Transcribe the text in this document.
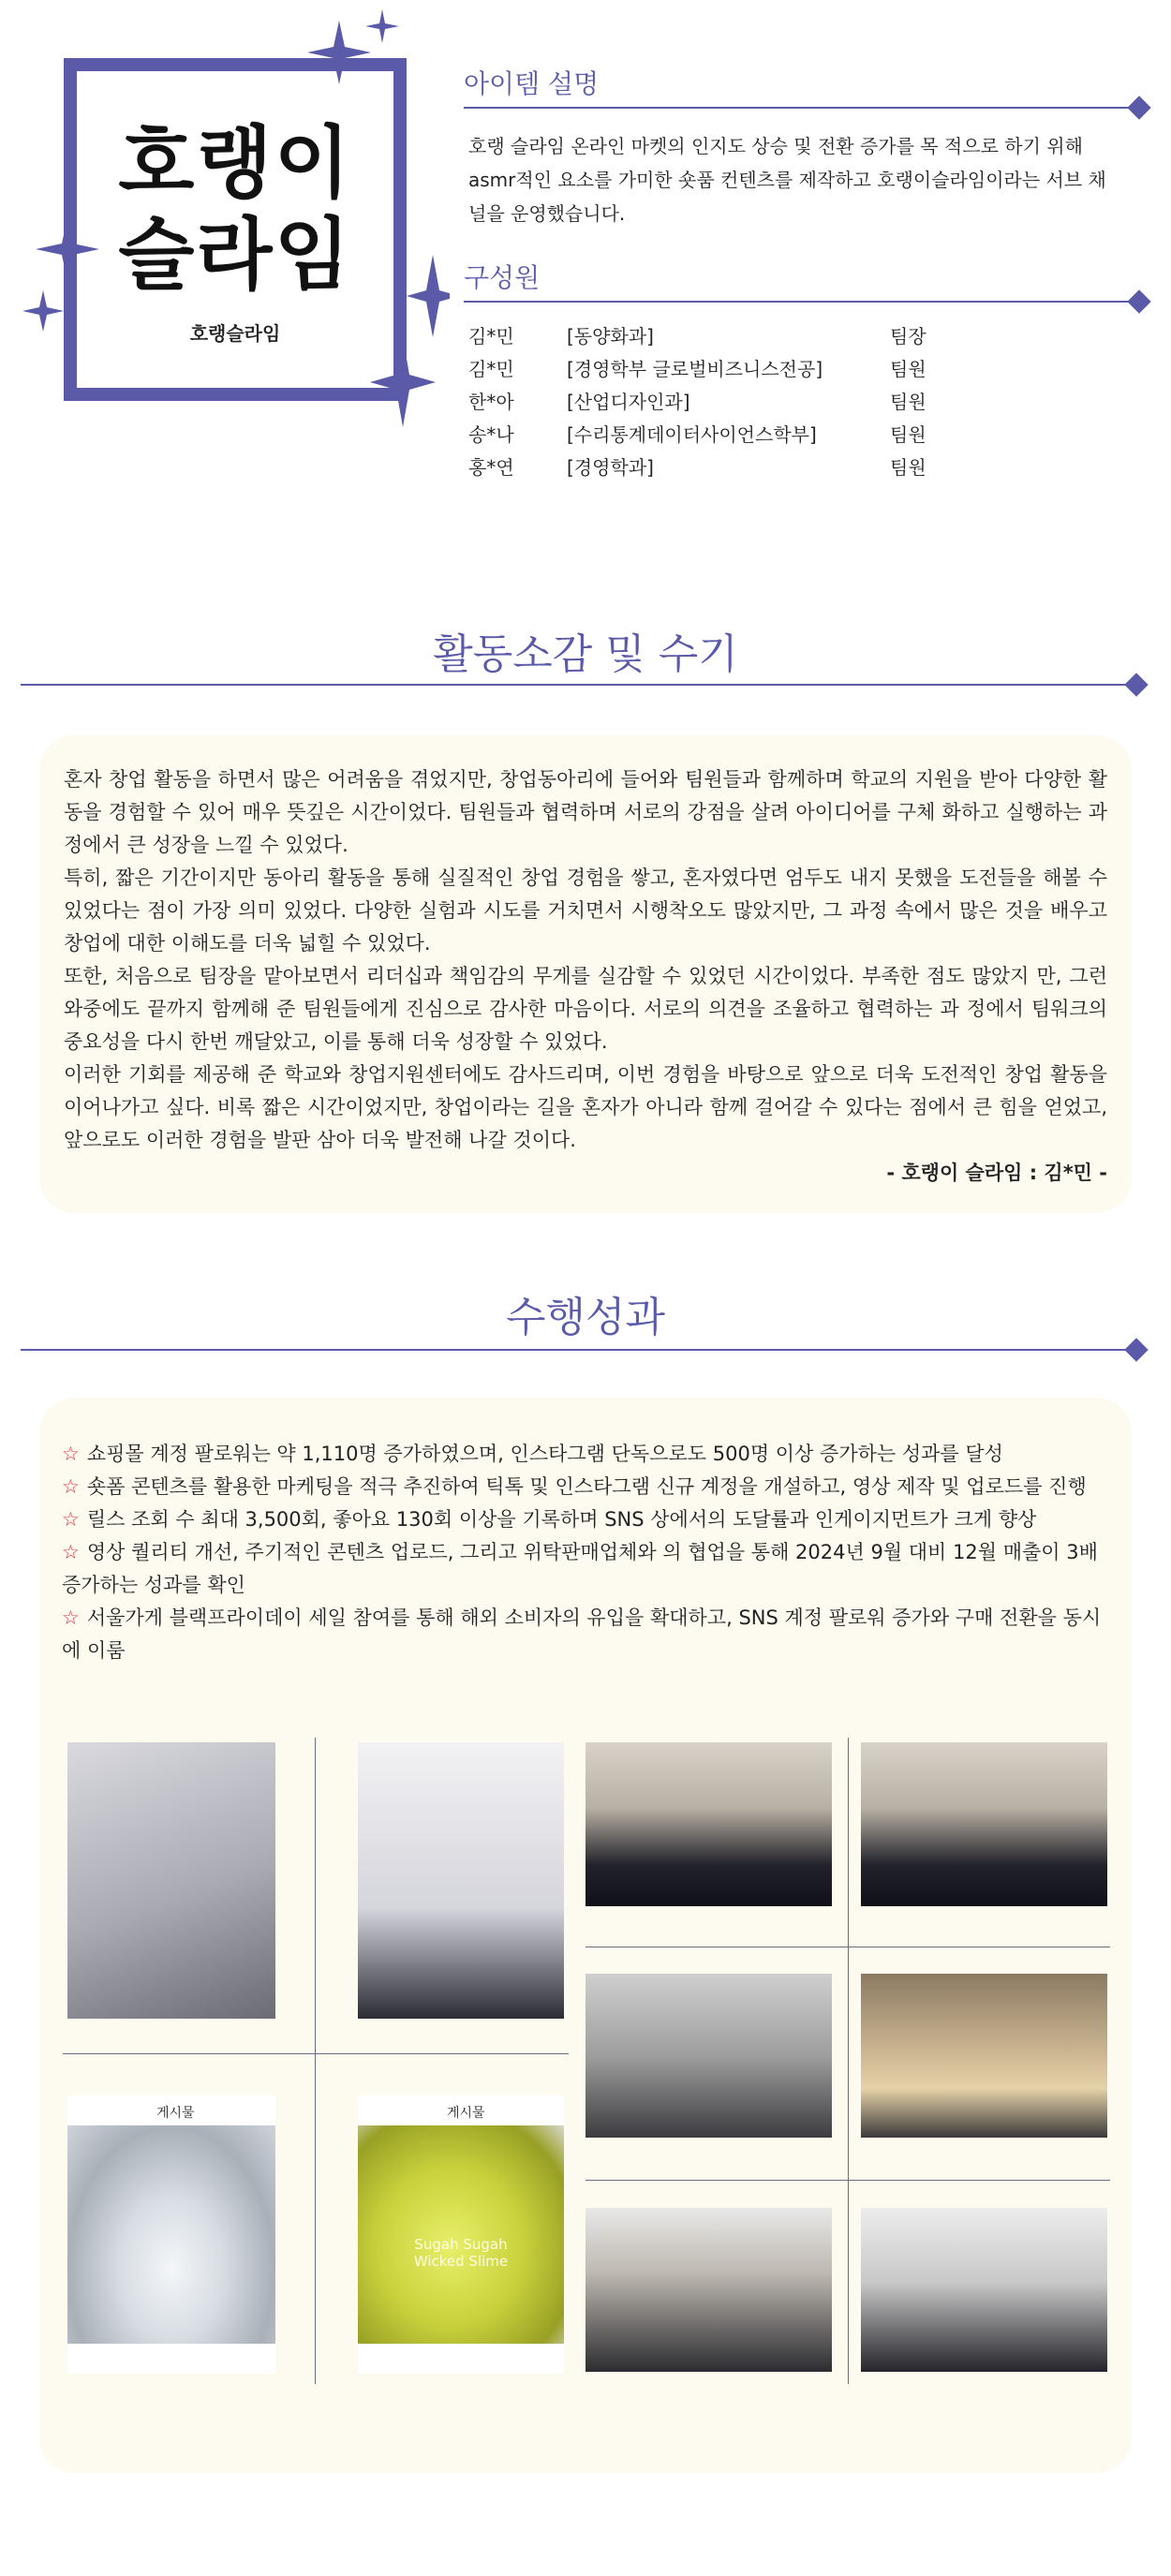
호랭이
슬라임
호랭슬라임
아이템 설명
호랭 슬라임 온라인 마켓의 인지도 상승 및 전환 증가를 목 적으로 하기 위해 asmr적인 요소를 가미한 숏품 컨텐츠를 제작하고 호랭이슬라임이라는 서브 채널을 운영했습니다.
구성원
김*민	[동양화과]	팀장
김*민	[경영학부 글로벌비즈니스전공]	팀원
한*아	[산업디자인과]	팀원
송*나	[수리통계데이터사이언스학부]	팀원
홍*연	[경영학과]	팀원
활동소감 및 수기

혼자 창업 활동을 하면서 많은 어려움을 겪었지만, 창업동아리에 들어와 팀원들과 함께하며 학교의 지원을 받아 다양한 활동을 경험할 수 있어 매우 뜻깊은 시간이었다. 팀원들과 협력하며 서로의 강점을 살려 아이디어를 구체 화하고 실행하는 과정에서 큰 성장을 느낄 수 있었다.

특히, 짧은 기간이지만 동아리 활동을 통해 실질적인 창업 경험을 쌓고, 혼자였다면 엄두도 내지 못했을 도전들을 해볼 수 있었다는 점이 가장 의미 있었다. 다양한 실험과 시도를 거치면서 시행착오도 많았지만, 그 과정 속에서 많은 것을 배우고 창업에 대한 이해도를 더욱 넓힐 수 있었다.

또한, 처음으로 팀장을 맡아보면서 리더십과 책임감의 무게를 실감할 수 있었던 시간이었다. 부족한 점도 많았지 만, 그런 와중에도 끝까지 함께해 준 팀원들에게 진심으로 감사한 마음이다. 서로의 의견을 조율하고 협력하는 과 정에서 팀워크의 중요성을 다시 한번 깨달았고, 이를 통해 더욱 성장할 수 있었다.

이러한 기회를 제공해 준 학교와 창업지원센터에도 감사드리며, 이번 경험을 바탕으로 앞으로 더욱 도전적인 창업 활동을 이어나가고 싶다. 비록 짧은 시간이었지만, 창업이라는 길을 혼자가 아니라 함께 걸어갈 수 있다는 점에서 큰 힘을 얻었고, 앞으로도 이러한 경험을 발판 삼아 더욱 발전해 나갈 것이다.

- 호랭이 슬라임 : 김*민 -

수행성과
☆ 쇼핑몰 계정 팔로워는 약 1,110명 증가하였으며, 인스타그램 단독으로도 500명 이상 증가하는 성과를 달성
☆ 숏폼 콘텐츠를 활용한 마케팅을 적극 추진하여 틱톡 및 인스타그램 신규 계정을 개설하고, 영상 제작 및 업로드를 진행
☆ 릴스 조회 수 최대 3,500회, 좋아요 130회 이상을 기록하며 SNS 상에서의 도달률과 인게이지먼트가 크게 향상
☆ 영상 퀄리티 개선, 주기적인 콘텐츠 업로드, 그리고 위탁판매업체와 의 협업을 통해 2024년 9월 대비 12월 매출이 3배 증가하는 성과를 확인
☆ 서울가게 블랙프라이데이 세일 참여를 통해 해외 소비자의 유입을 확대하고, SNS 계정 팔로워 증가와 구매 전환을 동시에 이룸
게시물	게시물
Sugah Sugah Wicked Slime
